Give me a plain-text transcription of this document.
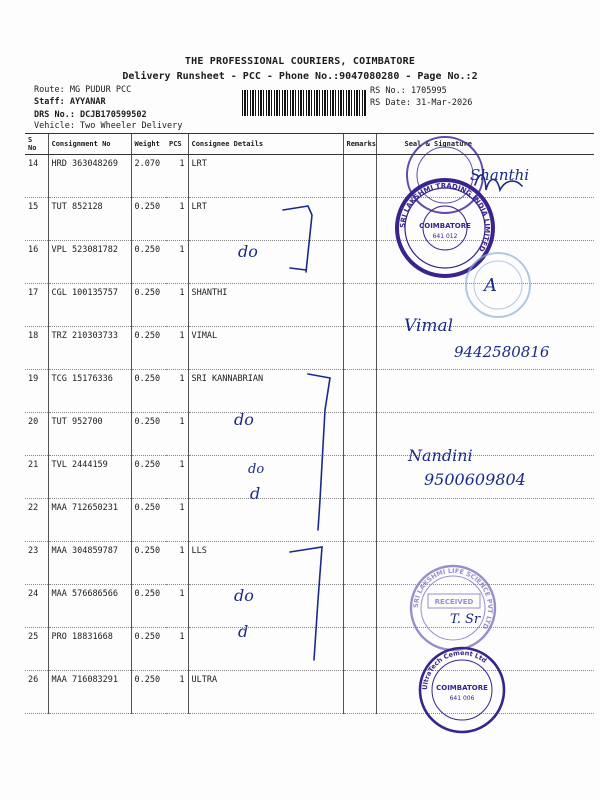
THE PROFESSIONAL COURIERS, COIMBATORE
Delivery Runsheet - PCC - Phone No.:9047080280 - Page No.:2
Route: MG PUDUR PCC
Staff: AYYANAR
DRS No.: DCJB170599502
Vehicle: Two Wheeler Delivery
RS No.: 1705995
RS Date: 31-Mar-2026
S No	Consignment No	Weight	PCS	Consignee Details	Remarks	Seal & Signature
14	HRD 363048269	2.070	1	LRT		
15	TUT 852128	0.250	1	LRT		
16	VPL 523081782	0.250	1			
17	CGL 100135757	0.250	1	SHANTHI		
18	TRZ 210303733	0.250	1	VIMAL		
19	TCG 15176336	0.250	1	SRI KANNABRIAN		
20	TUT 952700	0.250	1			
21	TVL 2444159	0.250	1			
22	MAA 712650231	0.250	1			
23	MAA 304859787	0.250	1	LLS		
24	MAA 576686566	0.250	1			
25	PRO 18831668	0.250	1			
26	MAA 716083291	0.250	1	ULTRA		
SRI LAKSHMI TRADING INDIA LIMITED
COIMBATORE
641 012
SRI LAKSHMI LIFE SCIENCE PVT LTD
RECEIVED
UltraTech Cement Ltd
COIMBATORE
641 006
do
do
do
d
do
d
Shanthi
A
Vimal
9442580816
Nandini
9500609804
T. Sr
